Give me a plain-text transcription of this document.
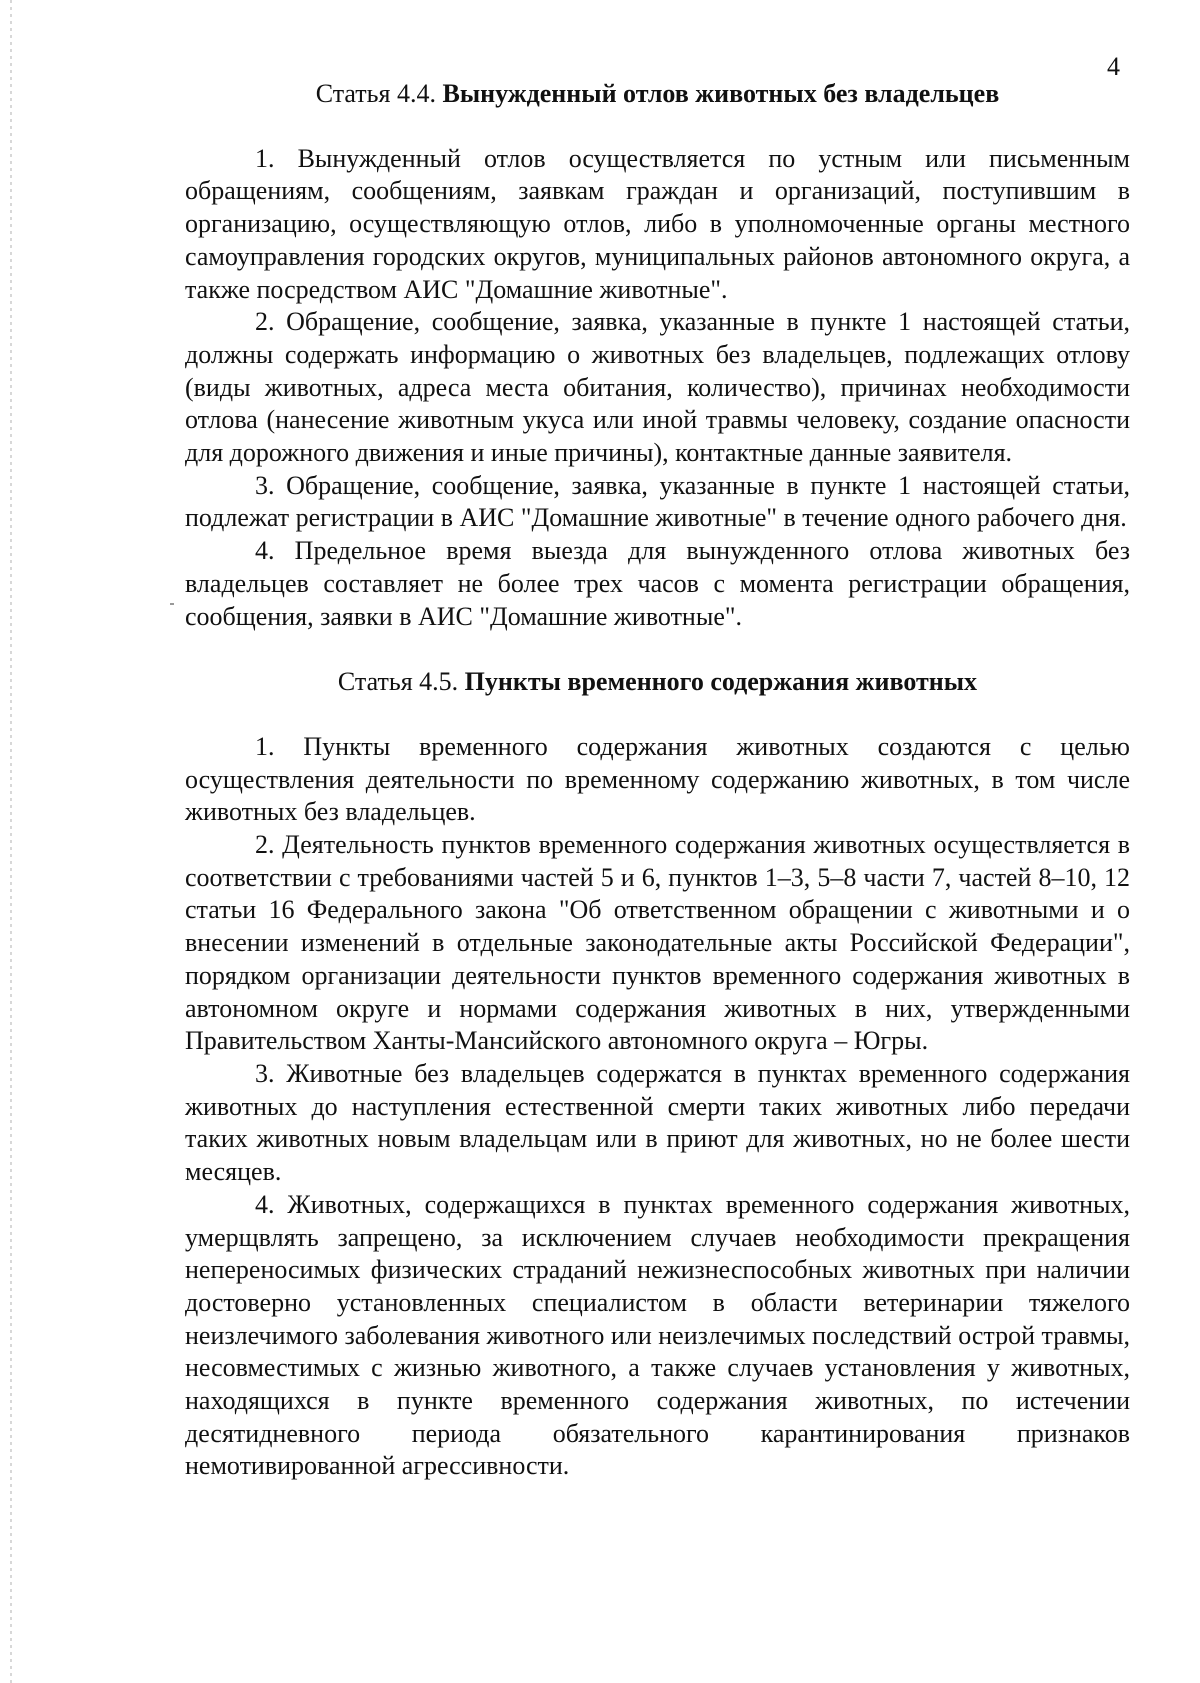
4
Статья 4.4. Вынужденный отлов животных без владельцев

1. Вынужденный отлов осуществляется по устным или письменным обращениям, сообщениям, заявкам граждан и организаций, поступившим в организацию, осуществляющую отлов, либо в уполномоченные органы местного самоуправления городских округов, муниципальных районов автономного округа, а также посредством АИС "Домашние животные".

2. Обращение, сообщение, заявка, указанные в пункте 1 настоящей статьи, должны содержать информацию о животных без владельцев, подлежащих отлову (виды животных, адреса места обитания, количество), причинах необходимости отлова (нанесение животным укуса или иной травмы человеку, создание опасности для дорожного движения и иные причины), контактные данные заявителя.

3. Обращение, сообщение, заявка, указанные в пункте 1 настоящей статьи, подлежат регистрации в АИС "Домашние животные" в течение одного рабочего дня.

4. Предельное время выезда для вынужденного отлова животных без владельцев составляет не более трех часов с момента регистрации обращения, сообщения, заявки в АИС "Домашние животные".

Статья 4.5. Пункты временного содержания животных

1. Пункты временного содержания животных создаются с целью осуществления деятельности по временному содержанию животных, в том числе животных без владельцев.

2. Деятельность пунктов временного содержания животных осуществляется в соответствии с требованиями частей 5 и 6, пунктов 1–3, 5–8 части 7, частей 8–10, 12 статьи 16 Федерального закона "Об ответственном обращении с животными и о внесении изменений в отдельные законодательные акты Российской Федерации", порядком организации деятельности пунктов временного содержания животных в автономном округе и нормами содержания животных в них, утвержденными Правительством Ханты-Мансийского автономного округа – Югры.

3. Животные без владельцев содержатся в пунктах временного содержания животных до наступления естественной смерти таких животных либо передачи таких животных новым владельцам или в приют для животных, но не более шести месяцев.

4. Животных, содержащихся в пунктах временного содержания животных, умерщвлять запрещено, за исключением случаев необходимости прекращения непереносимых физических страданий нежизнеспособных животных при наличии достоверно установленных специалистом в области ветеринарии тяжелого неизлечимого заболевания животного или неизлечимых последствий острой травмы, несовместимых с жизнью животного, а также случаев установления у животных, находящихся в пункте временного содержания животных, по истечении десятидневного периода обязательного карантинирования признаков немотивированной агрессивности.
